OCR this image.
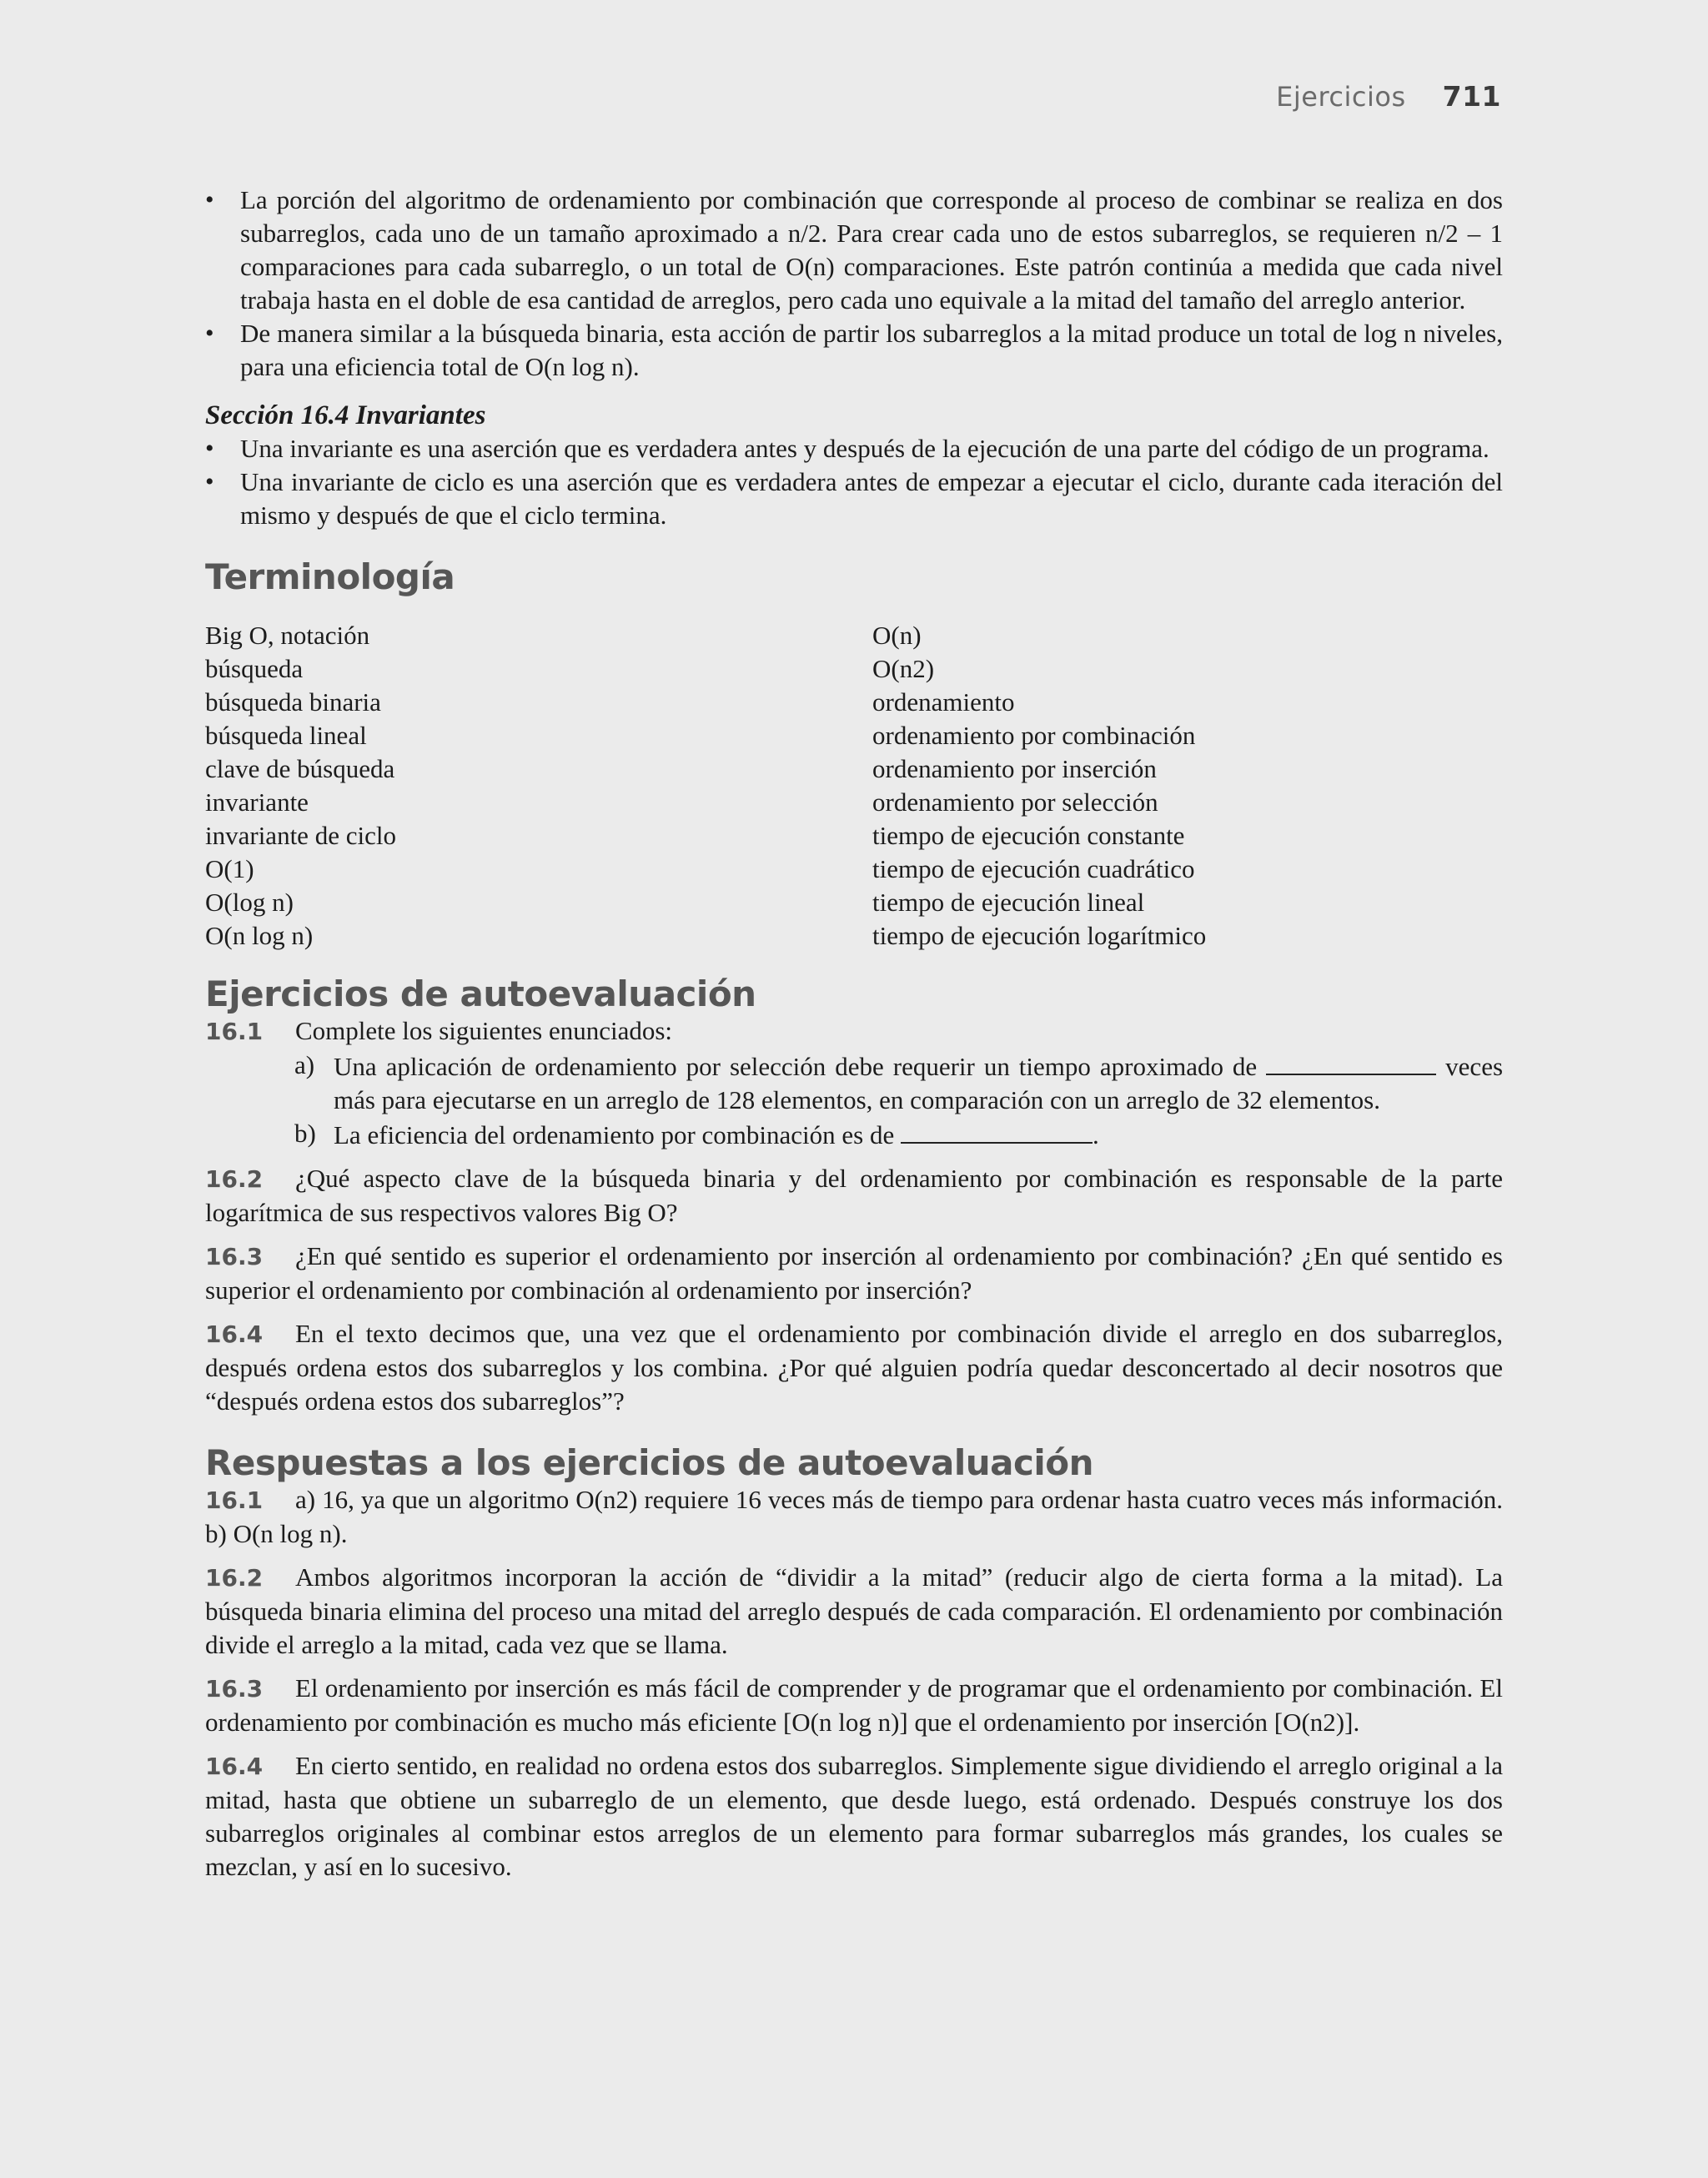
Ejercicios 711
• La porción del algoritmo de ordenamiento por combinación que corresponde al proceso de combinar se realiza en dos subarreglos, cada uno de un tamaño aproximado a n/2. Para crear cada uno de estos subarreglos, se requieren n/2 – 1 comparaciones para cada subarreglo, o un total de O(n) comparaciones. Este patrón continúa a medida que cada nivel trabaja hasta en el doble de esa cantidad de arreglos, pero cada uno equivale a la mitad del tamaño del arreglo anterior.
• De manera similar a la búsqueda binaria, esta acción de partir los subarreglos a la mitad produce un total de log n niveles, para una eficiencia total de O(n log n).
Sección 16.4 Invariantes
• Una invariante es una aserción que es verdadera antes y después de la ejecución de una parte del código de un programa.
• Una invariante de ciclo es una aserción que es verdadera antes de empezar a ejecutar el ciclo, durante cada iteración del mismo y después de que el ciclo termina.
Terminología
Big O, notación
búsqueda
búsqueda binaria
búsqueda lineal
clave de búsqueda
invariante
invariante de ciclo
O(1)
O(log n)
O(n log n)
O(n)
O(n2)
ordenamiento
ordenamiento por combinación
ordenamiento por inserción
ordenamiento por selección
tiempo de ejecución constante
tiempo de ejecución cuadrático
tiempo de ejecución lineal
tiempo de ejecución logarítmico
Ejercicios de autoevaluación
16.1 Complete los siguientes enunciados:
a) Una aplicación de ordenamiento por selección debe requerir un tiempo aproximado de	veces más para ejecutarse en un arreglo de 128 elementos, en comparación con un arreglo de 32 elementos.
b) La eficiencia del ordenamiento por combinación es de	.
16.2 ¿Qué aspecto clave de la búsqueda binaria y del ordenamiento por combinación es responsable de la parte logarítmica de sus respectivos valores Big O?
16.3 ¿En qué sentido es superior el ordenamiento por inserción al ordenamiento por combinación? ¿En qué sentido es superior el ordenamiento por combinación al ordenamiento por inserción?
16.4 En el texto decimos que, una vez que el ordenamiento por combinación divide el arreglo en dos subarreglos, después ordena estos dos subarreglos y los combina. ¿Por qué alguien podría quedar desconcertado al decir nosotros que “después ordena estos dos subarreglos”?
Respuestas a los ejercicios de autoevaluación
16.1 a) 16, ya que un algoritmo O(n2) requiere 16 veces más de tiempo para ordenar hasta cuatro veces más información. b) O(n log n).
16.2 Ambos algoritmos incorporan la acción de “dividir a la mitad” (reducir algo de cierta forma a la mitad). La búsqueda binaria elimina del proceso una mitad del arreglo después de cada comparación. El ordenamiento por combinación divide el arreglo a la mitad, cada vez que se llama.
16.3 El ordenamiento por inserción es más fácil de comprender y de programar que el ordenamiento por combinación. El ordenamiento por combinación es mucho más eficiente [O(n log n)] que el ordenamiento por inserción [O(n2)].
16.4 En cierto sentido, en realidad no ordena estos dos subarreglos. Simplemente sigue dividiendo el arreglo original a la mitad, hasta que obtiene un subarreglo de un elemento, que desde luego, está ordenado. Después construye los dos subarreglos originales al combinar estos arreglos de un elemento para formar subarreglos más grandes, los cuales se mezclan, y así en lo sucesivo.
